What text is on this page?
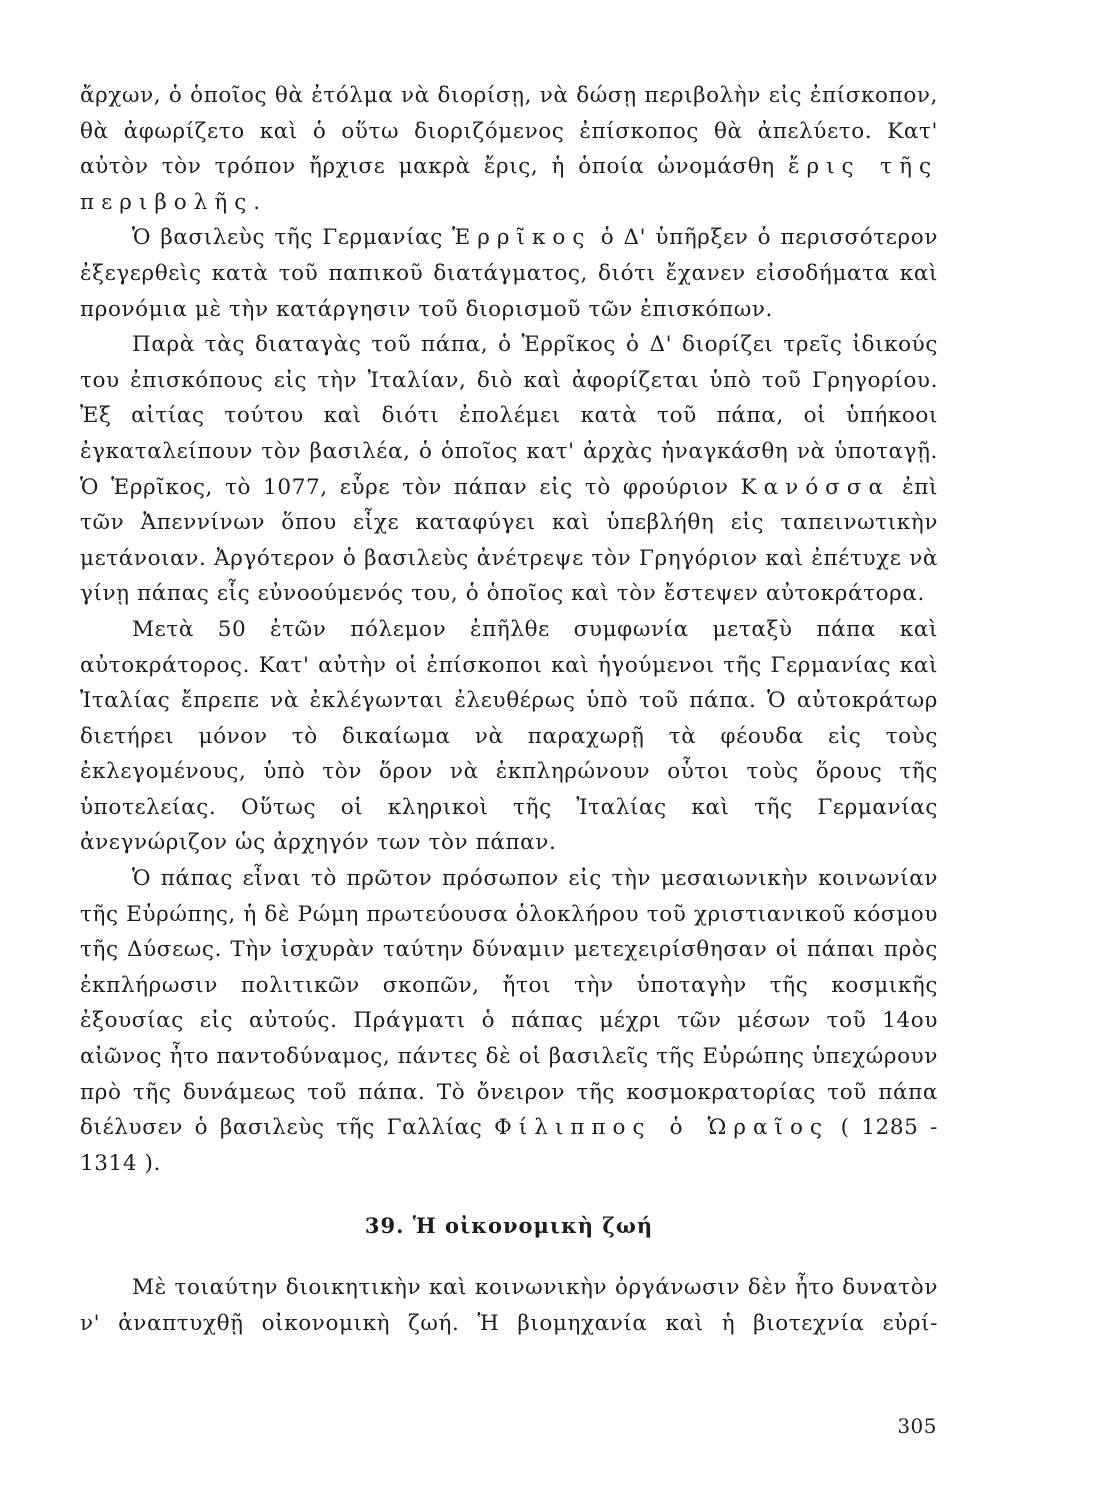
ἄρχων, ὁ ὁποῖος θὰ ἐτόλμα νὰ διορίσῃ, νὰ δώσῃ περιβολὴν εἰς ἐπίσκοπον, θὰ ἀφωρίζετο καὶ ὁ οὕτω διοριζόμενος ἐπίσκοπος θὰ ἀπελύετο. Κατ' αὐτὸν τὸν τρόπον ἤρχισε μακρὰ ἔρις, ἡ ὁποία ὠνομάσθη ἔρις τῆς περιβολῆς.

Ὁ βασιλεὺς τῆς Γερμανίας Ἑρρῖκος ὁ Δ' ὑπῆρξεν ὁ περισσότερον ἐξεγερθεὶς κατὰ τοῦ παπικοῦ διατάγματος, διότι ἔχανεν εἰσοδήματα καὶ προνόμια μὲ τὴν κατάργησιν τοῦ διορισμοῦ τῶν ἐπισκόπων.

Παρὰ τὰς διαταγὰς τοῦ πάπα, ὁ Ἑρρῖκος ὁ Δ' διορίζει τρεῖς ἰδικούς του ἐπισκόπους εἰς τὴν Ἰταλίαν, διὸ καὶ ἀφορίζεται ὑπὸ τοῦ Γρηγορίου. Ἐξ αἰτίας τούτου καὶ διότι ἐπολέμει κατὰ τοῦ πάπα, οἱ ὑπήκοοι ἐγκαταλείπουν τὸν βασιλέα, ὁ ὁποῖος κατ' ἀρχὰς ἠναγκάσθη νὰ ὑποταγῇ. Ὁ Ἑρρῖκος, τὸ 1077, εὗρε τὸν πάπαν εἰς τὸ φρούριον Κανόσσα ἐπὶ τῶν Ἀπεννίνων ὅπου εἶχε καταφύγει καὶ ὑπεβλήθη εἰς ταπεινωτικὴν μετάνοιαν. Ἀργότερον ὁ βασιλεὺς ἀνέτρεψε τὸν Γρηγόριον καὶ ἐπέτυχε νὰ γίνῃ πάπας εἷς εὐνοούμενός του, ὁ ὁποῖος καὶ τὸν ἔστεψεν αὐτοκράτορα.

Μετὰ 50 ἐτῶν πόλεμον ἐπῆλθε συμφωνία μεταξὺ πάπα καὶ αὐτοκράτορος. Κατ' αὐτὴν οἱ ἐπίσκοποι καὶ ἡγούμενοι τῆς Γερμανίας καὶ Ἰταλίας ἔπρεπε νὰ ἐκλέγωνται ἐλευθέρως ὑπὸ τοῦ πάπα. Ὁ αὐτοκράτωρ διετήρει μόνον τὸ δικαίωμα νὰ παραχωρῇ τὰ φέουδα εἰς τοὺς ἐκλεγομένους, ὑπὸ τὸν ὅρον νὰ ἐκπληρώνουν οὗτοι τοὺς ὅρους τῆς ὑποτελείας. Οὕτως οἱ κληρικοὶ τῆς Ἰταλίας καὶ τῆς Γερμανίας ἀνεγνώριζον ὡς ἀρχηγόν των τὸν πάπαν.

Ὁ πάπας εἶναι τὸ πρῶτον πρόσωπον εἰς τὴν μεσαιωνικὴν κοινωνίαν τῆς Εὐρώπης, ἡ δὲ Ρώμη πρωτεύουσα ὁλοκλήρου τοῦ χριστιανικοῦ κόσμου τῆς Δύσεως. Τὴν ἰσχυρὰν ταύτην δύναμιν μετεχειρίσθησαν οἱ πάπαι πρὸς ἐκπλήρωσιν πολιτικῶν σκοπῶν, ἤτοι τὴν ὑποταγὴν τῆς κοσμικῆς ἐξουσίας εἰς αὐτούς. Πράγματι ὁ πάπας μέχρι τῶν μέσων τοῦ 14ου αἰῶνος ἦτο παντοδύναμος, πάντες δὲ οἱ βασιλεῖς τῆς Εὐρώπης ὑπεχώρουν πρὸ τῆς δυνάμεως τοῦ πάπα. Τὸ ὄνειρον τῆς κοσμοκρατορίας τοῦ πάπα διέλυσεν ὁ βασιλεὺς τῆς Γαλλίας Φίλιππος ὁ Ὡραῖος ( 1285 - 1314 ).

39. Ἡ οἰκονομικὴ ζωή

Μὲ τοιαύτην διοικητικὴν καὶ κοινωνικὴν ὀργάνωσιν δὲν ἦτο δυνατὸν ν' ἀναπτυχθῇ οἰκονομικὴ ζωή. Ἡ βιομηχανία καὶ ἡ βιοτεχνία εὐρί-

305
